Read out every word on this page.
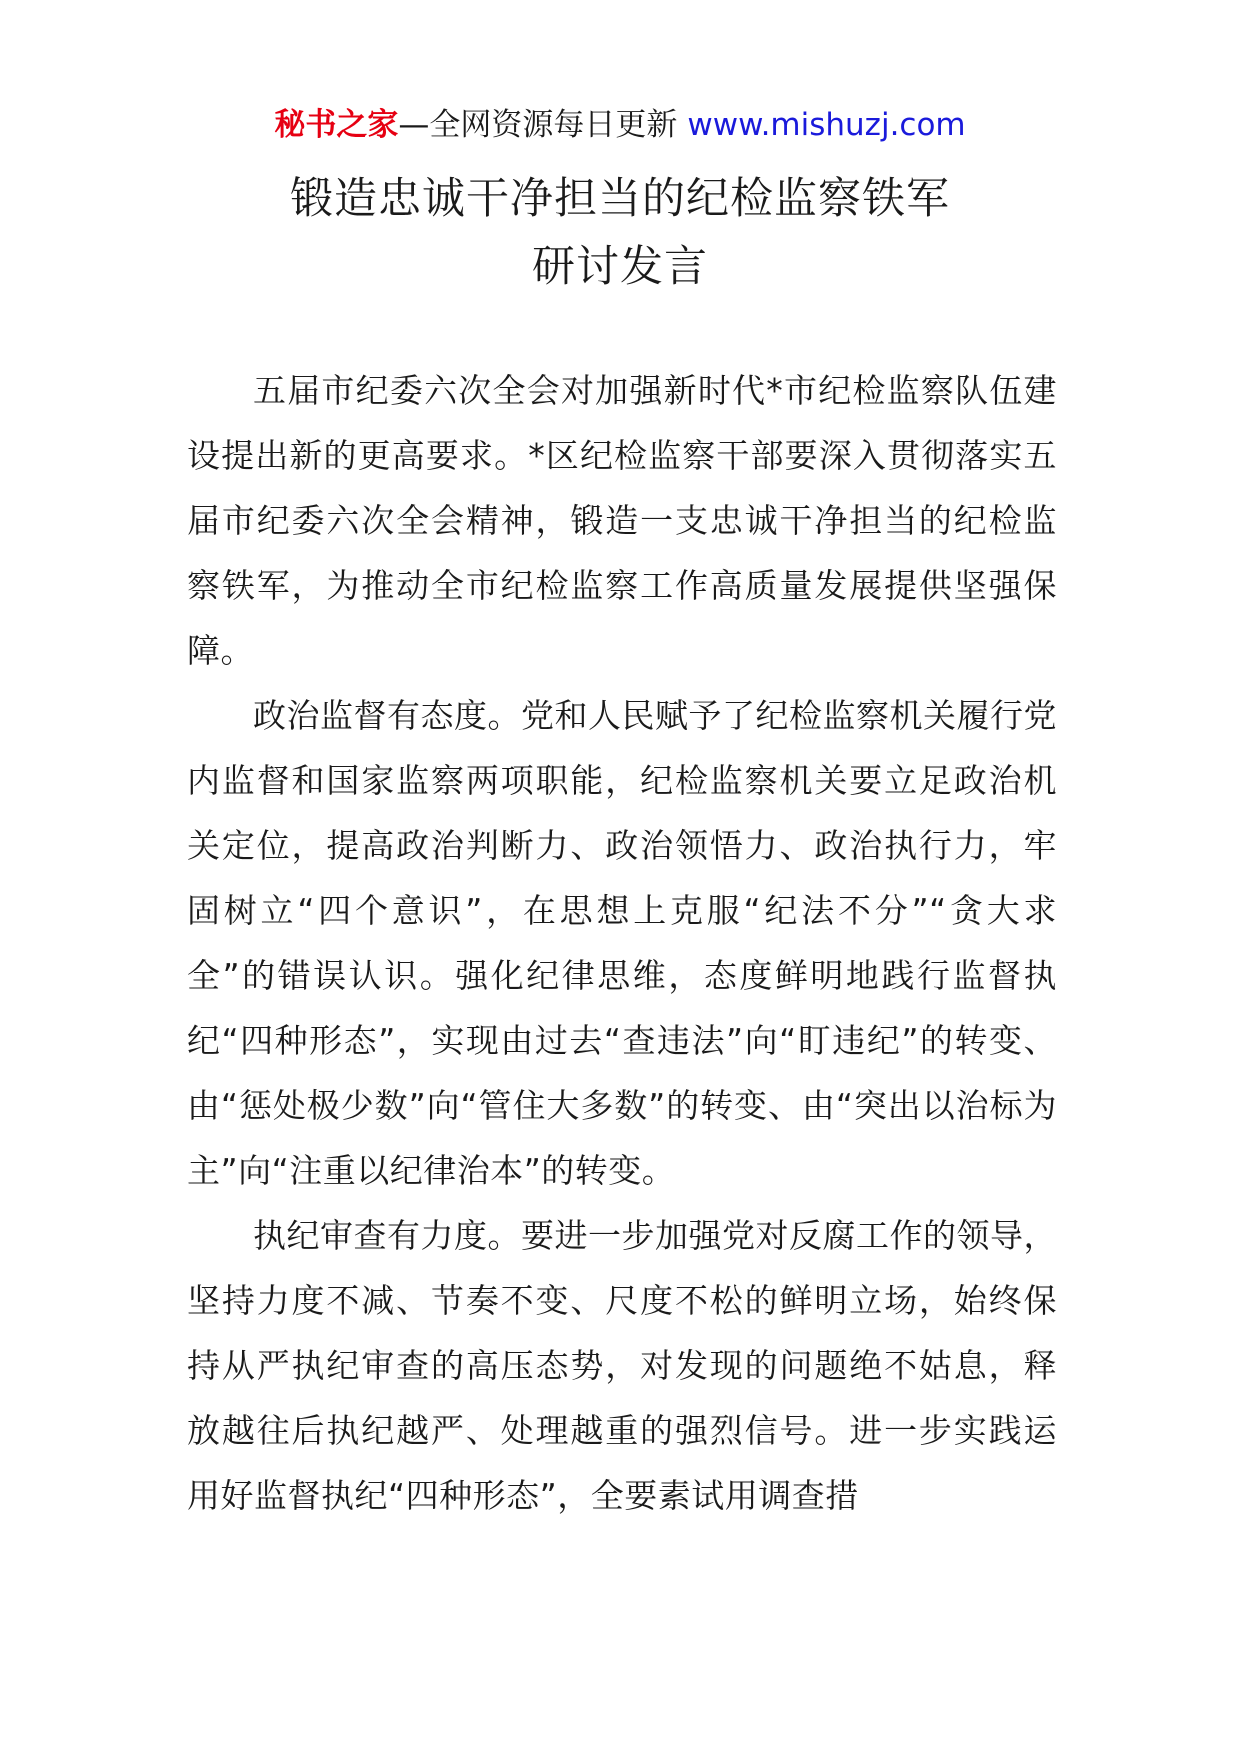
秘书之家—全网资源每日更新 www.mishuzj.com
锻造忠诚干净担当的纪检监察铁军
研讨发言

五届市纪委六次全会对加强新时代*市纪检监察队伍建设提出新的更高要求。*区纪检监察干部要深入贯彻落实五届市纪委六次全会精神，锻造一支忠诚干净担当的纪检监察铁军，为推动全市纪检监察工作高质量发展提供坚强保障。

政治监督有态度。党和人民赋予了纪检监察机关履行党内监督和国家监察两项职能，纪检监察机关要立足政治机关定位，提高政治判断力、政治领悟力、政治执行力，牢固树立“四个意识”，在思想上克服“纪法不分”“贪大求全”的错误认识。强化纪律思维，态度鲜明地践行监督执纪“四种形态”，实现由过去“查违法”向“盯违纪”的转变、由“惩处极少数”向“管住大多数”的转变、由“突出以治标为主”向“注重以纪律治本”的转变。

执纪审查有力度。要进一步加强党对反腐工作的领导，坚持力度不减、节奏不变、尺度不松的鲜明立场，始终保持从严执纪审查的高压态势，对发现的问题绝不姑息，释放越往后执纪越严、处理越重的强烈信号。进一步实践运用好监督执纪“四种形态”，全要素试用调查措
